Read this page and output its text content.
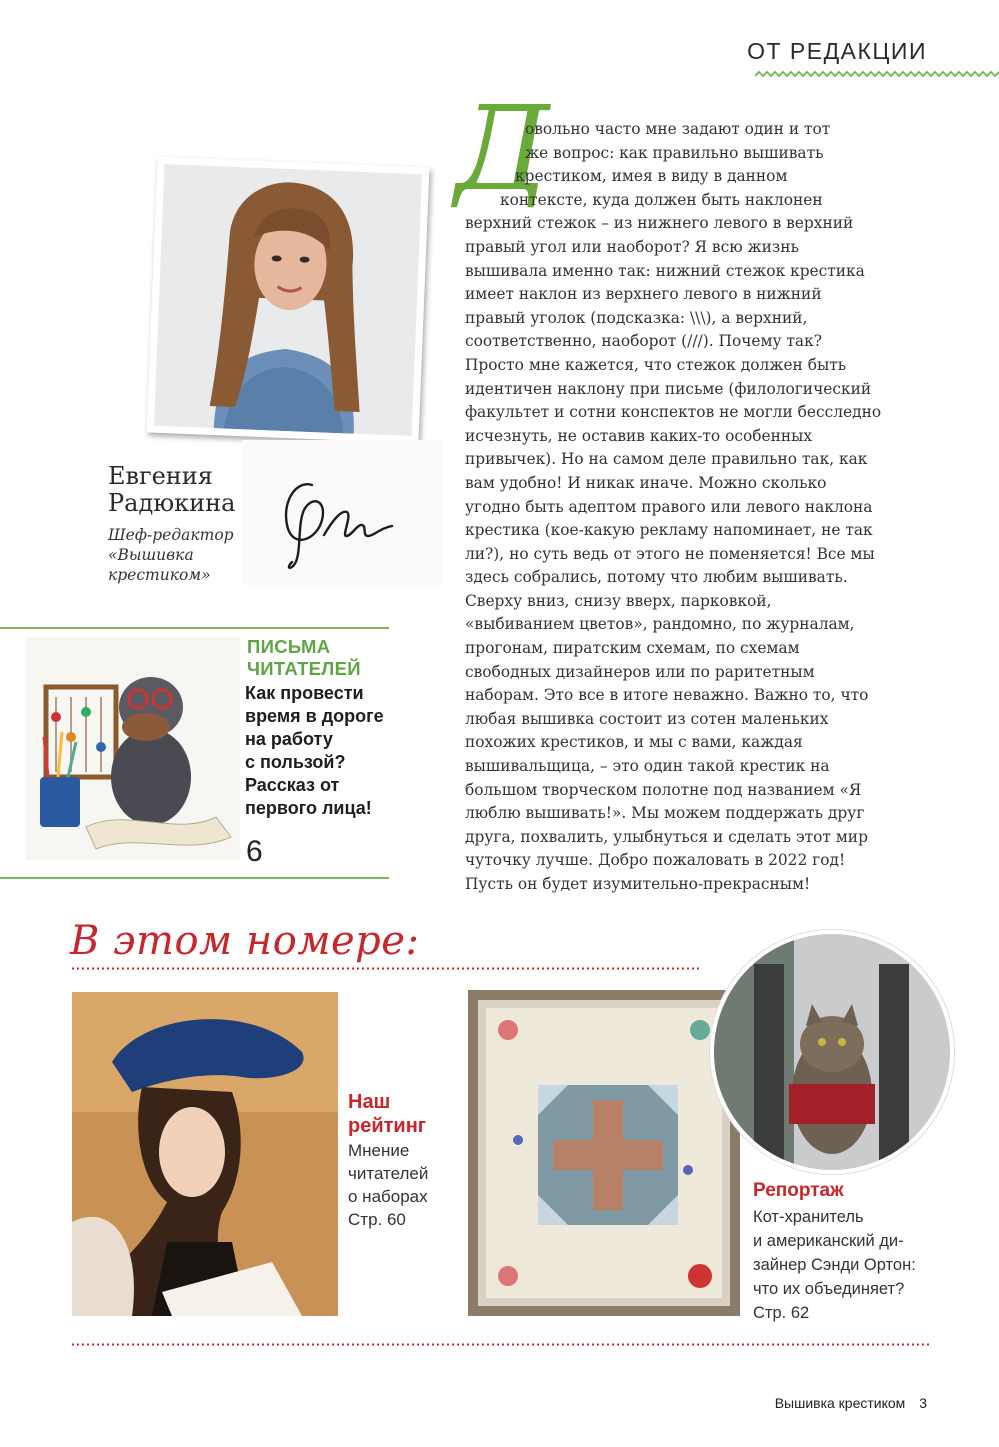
ОТ РЕДАКЦИИ
Евгения
Радюкина
Шеф-редактор
«Вышивка
крестиком»
ПИСЬМА
ЧИТАТЕЛЕЙ
Как провести
время в дороге
на работу
с пользой?
Рассказ от
первого лица!
6
Д
овольно часто мне задают один и тот
же вопрос: как правильно вышивать
крестиком, имея в виду в данном
контексте, куда должен быть наклонен
верхний стежок – из нижнего левого в верхний
правый угол или наоборот? Я всю жизнь
вышивала именно так: нижний стежок крестика
имеет наклон из верхнего левого в нижний
правый уголок (подсказка: \\\), а верхний,
соответственно, наоборот (///). Почему так?
Просто мне кажется, что стежок должен быть
идентичен наклону при письме (филологический
факультет и сотни конспектов не могли бесследно
исчезнуть, не оставив каких-то особенных
привычек). Но на самом деле правильно так, как
вам удобно! И никак иначе. Можно сколько
угодно быть адептом правого или левого наклона
крестика (кое-какую рекламу напоминает, не так
ли?), но суть ведь от этого не поменяется! Все мы
здесь собрались, потому что любим вышивать.
Сверху вниз, снизу вверх, парковкой,
«выбиванием цветов», рандомно, по журналам,
прогонам, пиратским схемам, по схемам
свободных дизайнеров или по раритетным
наборам. Это все в итоге неважно. Важно то, что
любая вышивка состоит из сотен маленьких
похожих крестиков, и мы с вами, каждая
вышивальщица, – это один такой крестик на
большом творческом полотне под названием «Я
люблю вышивать!». Мы можем поддержать друг
друга, похвалить, улыбнуться и сделать этот мир
чуточку лучше. Добро пожаловать в 2022 год!
Пусть он будет изумительно-прекрасным!
В этом номере:
Наш
рейтинг
Мнение
читателей
о наборах
Стр. 60
Репортаж
Кот-хранитель
и американский ди-
зайнер Сэнди Ортон:
что их объединяет?
Стр. 62
Вышивка крестиком 3
